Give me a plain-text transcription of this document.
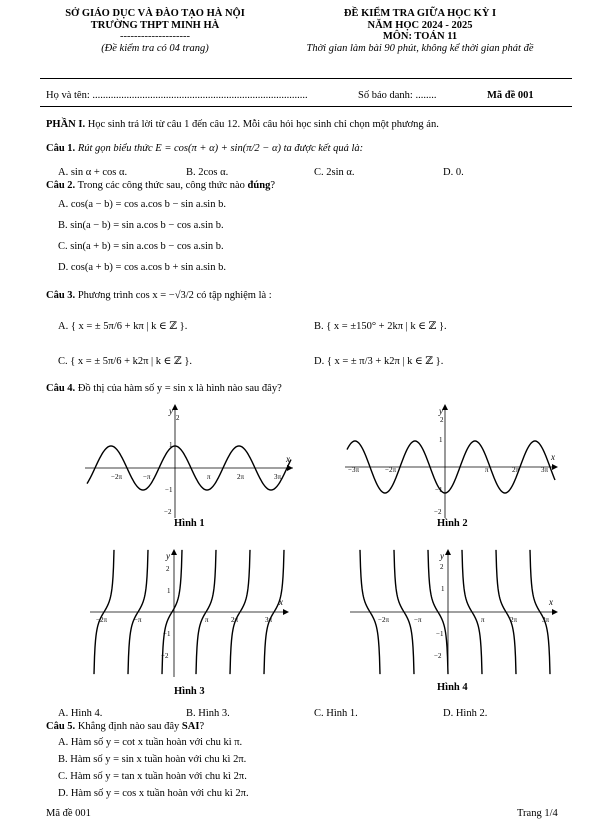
SỞ GIÁO DỤC VÀ ĐÀO TẠO HÀ NỘI
TRƯỜNG THPT MINH HÀ
--------------------
(Đề kiểm tra có 04 trang)
ĐỀ KIỂM TRA GIỮA HỌC KỲ I
NĂM HỌC 2024 - 2025
MÔN: TOÁN 11
Thời gian làm bài 90 phút, không kể thời gian phát đề
Họ và tên: ..................................................................................	Số báo danh: ........	Mã đề 001
PHẦN I. Học sinh trả lời từ câu 1 đến câu 12. Mỗi câu hỏi học sinh chỉ chọn một phương án.
Câu 1. Rút gọn biểu thức E = cos(π + α) + sin(π/2 − α) ta được kết quả là:
A. sin α + cos α.	B. 2cos α.	C. 2sin α.	D. 0.
Câu 2. Trong các công thức sau, công thức nào đúng?
A. cos(a − b) = cos a.cos b − sin a.sin b.
B. sin(a − b) = sin a.cos b − cos a.sin b.
C. sin(a + b) = sin a.cos b − cos a.sin b.
D. cos(a + b) = cos a.cos b + sin a.sin b.
Câu 3. Phương trình cos x = −√3/2 có tập nghiệm là :
A. { x = ± 5π/6 + kπ | k ∈ ℤ }.	B. { x = ±150° + 2kπ | k ∈ ℤ }.
C. { x = ± 5π/6 + k2π | k ∈ ℤ }.	D. { x = ± π/3 + k2π | k ∈ ℤ }.
Câu 4. Đồ thị của hàm số y = sin x là hình nào sau đây?
y
x
2
1
−1
−2
−2π	−π	π	2π	3π
Hình 1
y
x
2
1
−1
−2
−3π	−2π	π	2π	3π
Hình 2
y
x
2
1
−1
−2
−2π	−π	π	2π	3π
Hình 3
y
x
2
1
−1
−2
−2π	−π	π	2π	3π
Hình 4
A. Hình 4.	B. Hình 3.	C. Hình 1.	D. Hình 2.
Câu 5. Khẳng định nào sau đây SAI?
A. Hàm số y = cot x tuần hoàn với chu kì π.
B. Hàm số y = sin x tuần hoàn với chu kì 2π.
C. Hàm số y = tan x tuần hoàn với chu kì 2π.
D. Hàm số y = cos x tuần hoàn với chu kì 2π.
Mã đề 001	Trang 1/4
